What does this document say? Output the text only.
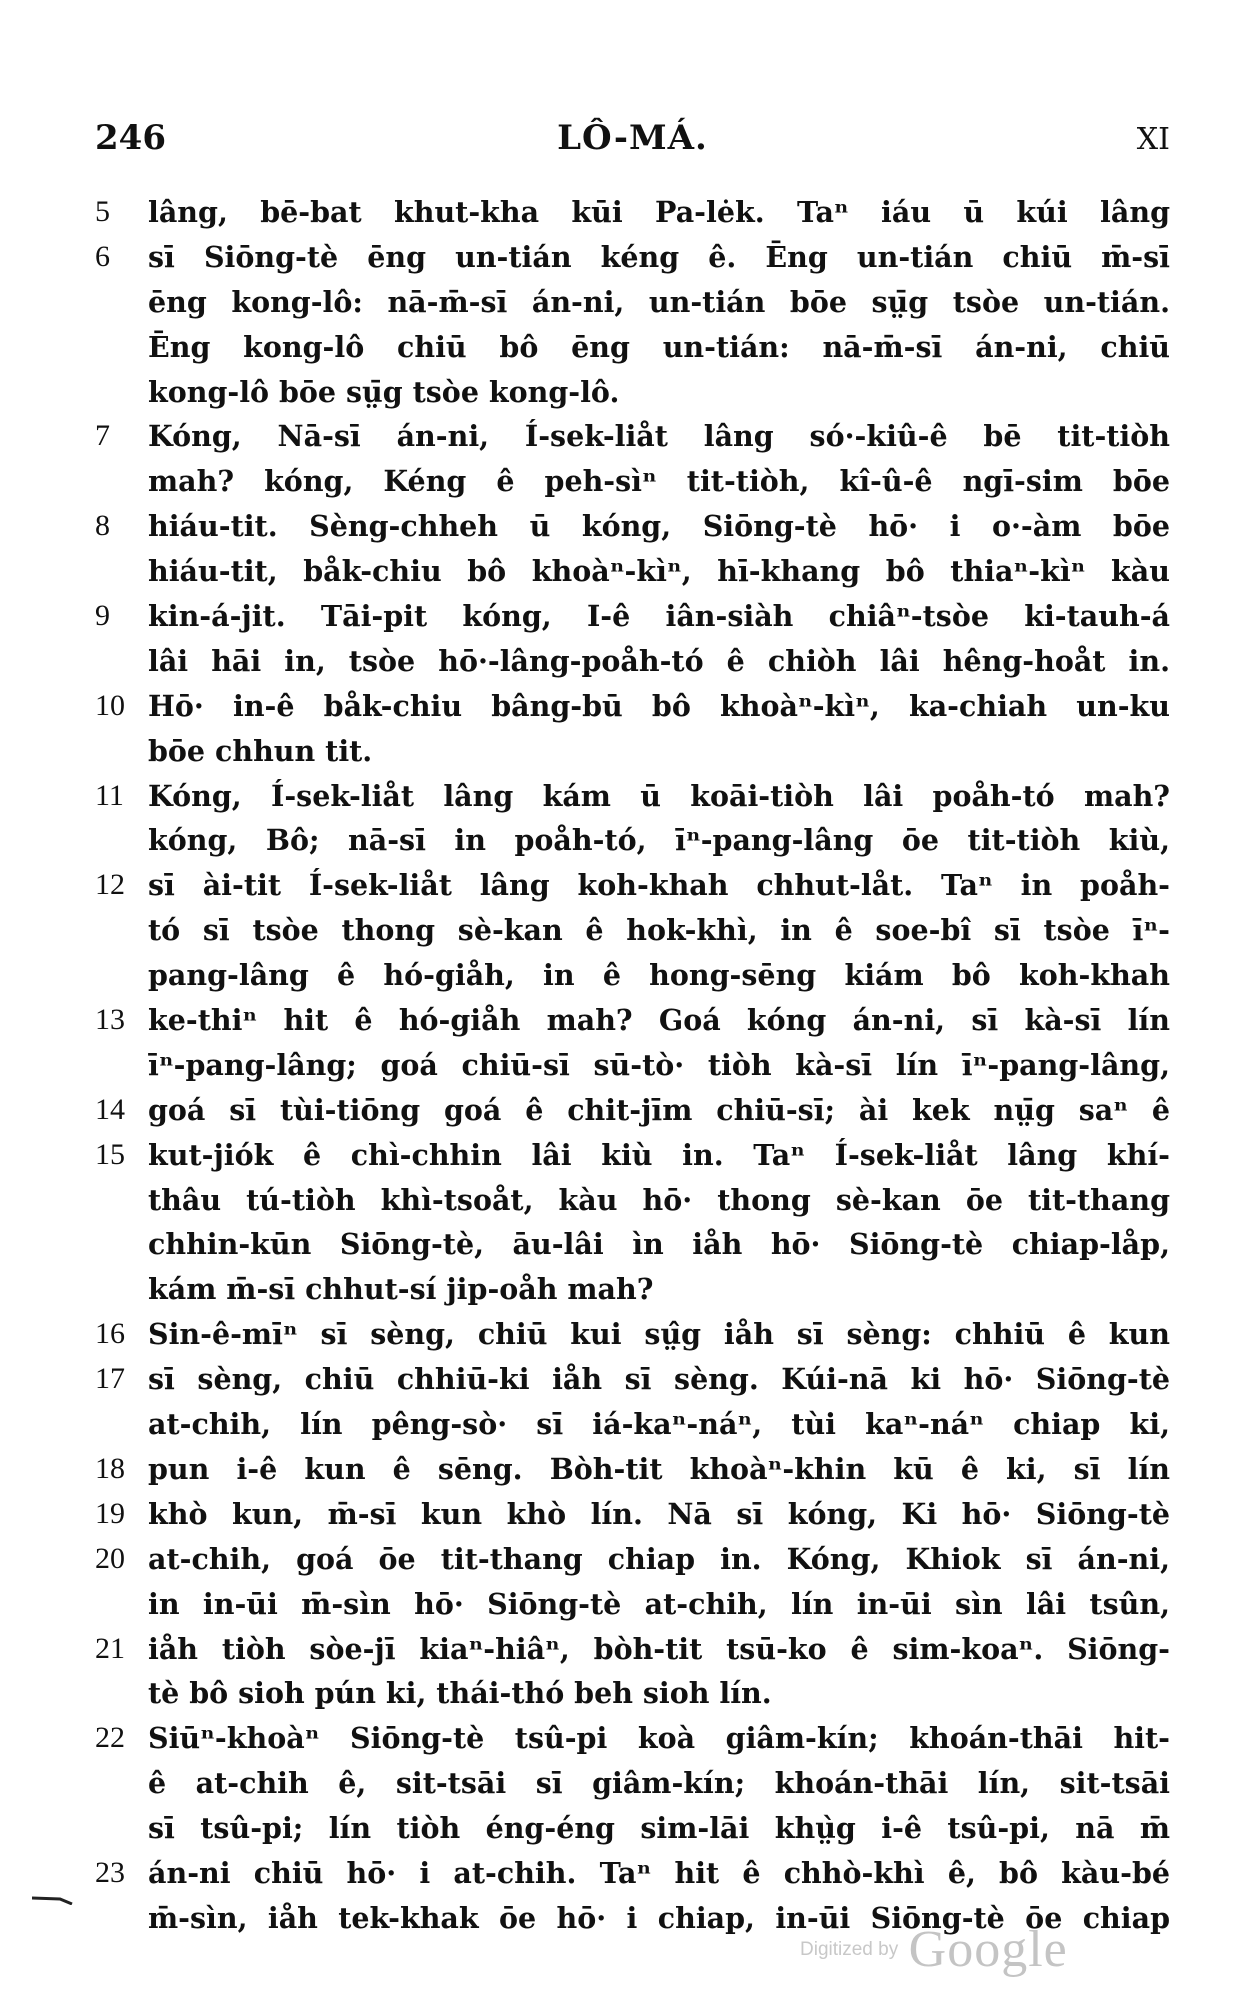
246	LÔ-MÁ.	XI
5	lâng, bē-bat khut-kha kūi Pa-lėk. Taⁿ iáu ū kúi lâng
6	sī Siōng-tè ēng un-tián kéng ê. Ēng un-tián chiū m̄-sī
ēng kong-lô: nā-m̄-sī án-ni, un-tián bōe sṳ̄g tsòe un-tián.
Ēng kong-lô chiū bô ēng un-tián: nā-m̄-sī án-ni, chiū
kong-lô bōe sṳ̄g tsòe kong-lô.
7	Kóng, Nā-sī án-ni, Í-sek-liåt lâng só·-kiû-ê bē tit-tiòh
mah? kóng, Kéng ê peh-sìⁿ tit-tiòh, kî-û-ê ngī-sim bōe
8	hiáu-tit. Sèng-chheh ū kóng, Siōng-tè hō· i o·-àm bōe
hiáu-tit, båk-chiu bô khoàⁿ-kìⁿ, hī-khang bô thiaⁿ-kìⁿ kàu
9	kin-á-jit. Tāi-pit kóng, I-ê iân-siàh chiâⁿ-tsòe ki-tauh-á
lâi hāi in, tsòe hō·-lâng-poåh-tó ê chiòh lâi hêng-hoåt in.
10 Hō· in-ê båk-chiu bâng-bū bô khoàⁿ-kìⁿ, ka-chiah un-ku
bōe chhun tit.
11 Kóng, Í-sek-liåt lâng kám ū koāi-tiòh lâi poåh-tó mah?
kóng, Bô; nā-sī in poåh-tó, īⁿ-pang-lâng ōe tit-tiòh kiù,
12 sī ài-tit Í-sek-liåt lâng koh-khah chhut-låt. Taⁿ in poåh-
tó sī tsòe thong sè-kan ê hok-khì, in ê soe-bî sī tsòe īⁿ-
pang-lâng ê hó-giåh, in ê hong-sēng kiám bô koh-khah
13 ke-thiⁿ hit ê hó-giåh mah? Goá kóng án-ni, sī kà-sī lín
īⁿ-pang-lâng; goá chiū-sī sū-tò· tiòh kà-sī lín īⁿ-pang-lâng,
14 goá sī tùi-tiōng goá ê chit-jīm chiū-sī; ài kek nṳ̄g saⁿ ê
15 kut-jiók ê chì-chhin lâi kiù in. Taⁿ Í-sek-liåt lâng khí-
thâu tú-tiòh khì-tsoåt, kàu hō· thong sè-kan ōe tit-thang
chhin-kūn Siōng-tè, āu-lâi ìn iåh hō· Siōng-tè chiap-låp,
kám m̄-sī chhut-sí jip-oåh mah?
16 Sin-ê-mīⁿ sī sèng, chiū kui sṳ̂g iåh sī sèng: chhiū ê kun
17 sī sèng, chiū chhiū-ki iåh sī sèng. Kúi-nā ki hō· Siōng-tè
at-chih, lín pêng-sò· sī iá-kaⁿ-náⁿ, tùi kaⁿ-náⁿ chiap ki,
18 pun i-ê kun ê sēng. Bòh-tit khoàⁿ-khin kū ê ki, sī lín
19 khò kun, m̄-sī kun khò lín. Nā sī kóng, Ki hō· Siōng-tè
20 at-chih, goá ōe tit-thang chiap in. Kóng, Khiok sī án-ni,
in in-ūi m̄-sìn hō· Siōng-tè at-chih, lín in-ūi sìn lâi tsûn,
21 iåh tiòh sòe-jī kiaⁿ-hiâⁿ, bòh-tit tsū-ko ê sim-koaⁿ. Siōng-
tè bô sioh pún ki, thái-thó beh sioh lín.
22 Siūⁿ-khoàⁿ Siōng-tè tsû-pi koà giâm-kín; khoán-thāi hit-
ê at-chih ê, sit-tsāi sī giâm-kín; khoán-thāi lín, sit-tsāi
sī tsû-pi; lín tiòh éng-éng sim-lāi khṳ̀g i-ê tsû-pi, nā m̄
23 án-ni chiū hō· i at-chih. Taⁿ hit ê chhò-khì ê, bô kàu-bé
m̄-sìn, iåh tek-khak ōe hō· i chiap, in-ūi Siōng-tè ōe chiap
Digitized by Google
